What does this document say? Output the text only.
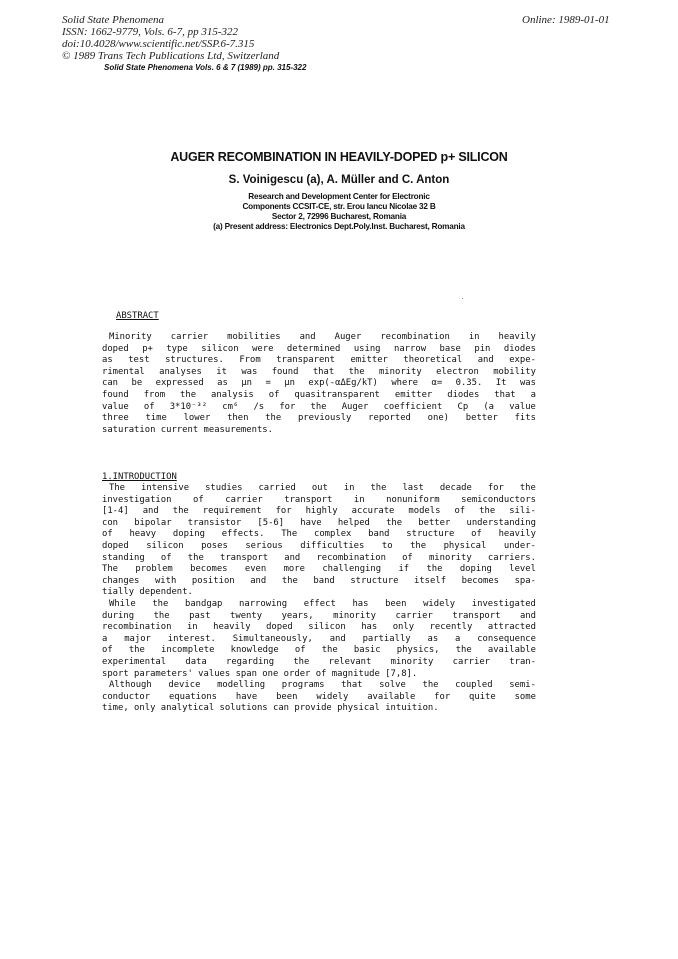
Solid State Phenomena
ISSN: 1662-9779, Vols. 6-7, pp 315-322
doi:10.4028/www.scientific.net/SSP.6-7.315
© 1989 Trans Tech Publications Ltd, Switzerland
Online: 1989-01-01
Solid State Phenomena Vols. 6 & 7 (1989) pp. 315-322
AUGER RECOMBINATION IN HEAVILY-DOPED p+ SILICON
S. Voinigescu (a), A. Müller and C. Anton
Research and Development Center for Electronic
Components CCSIT-CE, str. Erou Iancu Nicolae 32 B
Sector 2, 72996 Bucharest, Romania
(a) Present address: Electronics Dept.Poly.Inst. Bucharest, Romania
ABSTRACT
Minority carrier mobilities and Auger recombination in heavily
doped p+ type silicon were determined using narrow base pin diodes
as test structures. From transparent emitter theoretical and expe-
rimental analyses it was found that the minority electron mobility
can be expressed as μn = μn exp(-αΔEg/kT) where α= 0.35. It was
found from the analysis of quasitransparent emitter diodes that a
value of 3*10⁻³² cm⁶ /s for the Auger coefficient Cp (a value
three time lower then the previously reported one) better fits
saturation current measurements.
1.INTRODUCTION
The intensive studies carried out in the last decade for the
investigation of carrier transport in nonuniform semiconductors
[1-4] and the requirement for highly accurate models of the sili-
con bipolar transistor [5-6] have helped the better understanding
of heavy doping effects. The complex band structure of heavily
doped silicon poses serious difficulties to the physical under-
standing of the transport and recombination of minority carriers.
The problem becomes even more challenging if the doping level
changes with position and the band structure itself becomes spa-
tially dependent.
While the bandgap narrowing effect has been widely investigated
during the past twenty years, minority carrier transport and
recombination in heavily doped silicon has only recently attracted
a major interest. Simultaneously, and partially as a consequence
of the incomplete knowledge of the basic physics, the available
experimental data regarding the relevant minority carrier tran-
sport parameters' values span one order of magnitude [7,8].
Although device modelling programs that solve the coupled semi-
conductor equations have been widely available for quite some
time, only analytical solutions can provide physical intuition.
